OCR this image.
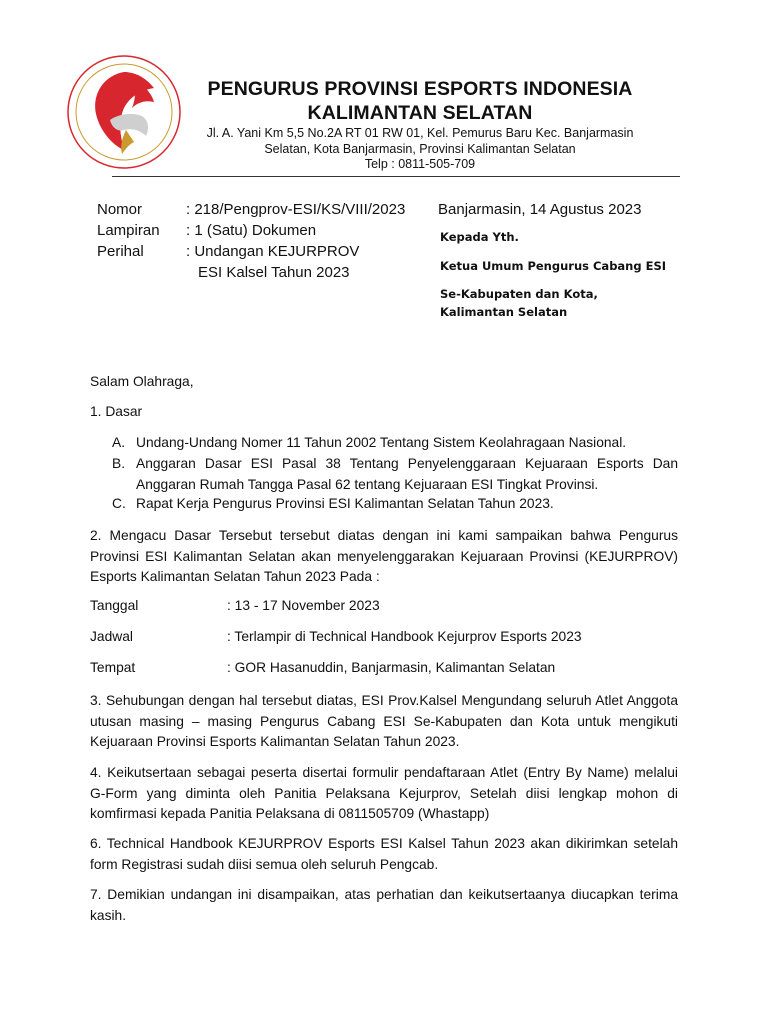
PENGURUS PROVINSI ESPORTS INDONESIA
KALIMANTAN SELATAN
Jl. A. Yani Km 5,5 No.2A RT 01 RW 01, Kel. Pemurus Baru Kec. Banjarmasin
Selatan, Kota Banjarmasin, Provinsi Kalimantan Selatan
Telp : 0811-505-709
Nomor	: 218/Pengprov-ESI/KS/VIII/2023
Lampiran : 1 (Satu) Dokumen
Perihal	: Undangan KEJURPROV
ESI Kalsel Tahun 2023
Banjarmasin, 14 Agustus 2023
Kepada Yth.
Ketua Umum Pengurus Cabang ESI
Se-Kabupaten dan Kota, Kalimantan Selatan
Salam Olahraga,
1. Dasar
A. Undang-Undang Nomer 11 Tahun 2002 Tentang Sistem Keolahragaan Nasional.
B. Anggaran Dasar ESI Pasal 38 Tentang Penyelenggaraan Kejuaraan Esports Dan Anggaran Rumah Tangga Pasal 62 tentang Kejuaraan ESI Tingkat Provinsi.
C. Rapat Kerja Pengurus Provinsi ESI Kalimantan Selatan Tahun 2023.
2. Mengacu Dasar Tersebut tersebut diatas dengan ini kami sampaikan bahwa Pengurus Provinsi ESI Kalimantan Selatan akan menyelenggarakan Kejuaraan Provinsi (KEJURPROV) Esports Kalimantan Selatan Tahun 2023 Pada :
Tanggal	: 13 - 17 November 2023
Jadwal	: Terlampir di Technical Handbook Kejurprov Esports 2023
Tempat	: GOR Hasanuddin, Banjarmasin, Kalimantan Selatan
3. Sehubungan dengan hal tersebut diatas, ESI Prov.Kalsel Mengundang seluruh Atlet Anggota utusan masing – masing Pengurus Cabang ESI Se-Kabupaten dan Kota untuk mengikuti Kejuaraan Provinsi Esports Kalimantan Selatan Tahun 2023.
4. Keikutsertaan sebagai peserta disertai formulir pendaftaraan Atlet (Entry By Name) melalui G-Form yang diminta oleh Panitia Pelaksana Kejurprov, Setelah diisi lengkap mohon di komfirmasi kepada Panitia Pelaksana di 0811505709 (Whastapp)
6. Technical Handbook KEJURPROV Esports ESI Kalsel Tahun 2023 akan dikirimkan setelah form Registrasi sudah diisi semua oleh seluruh Pengcab.
7. Demikian undangan ini disampaikan, atas perhatian dan keikutsertaanya diucapkan terima kasih.
